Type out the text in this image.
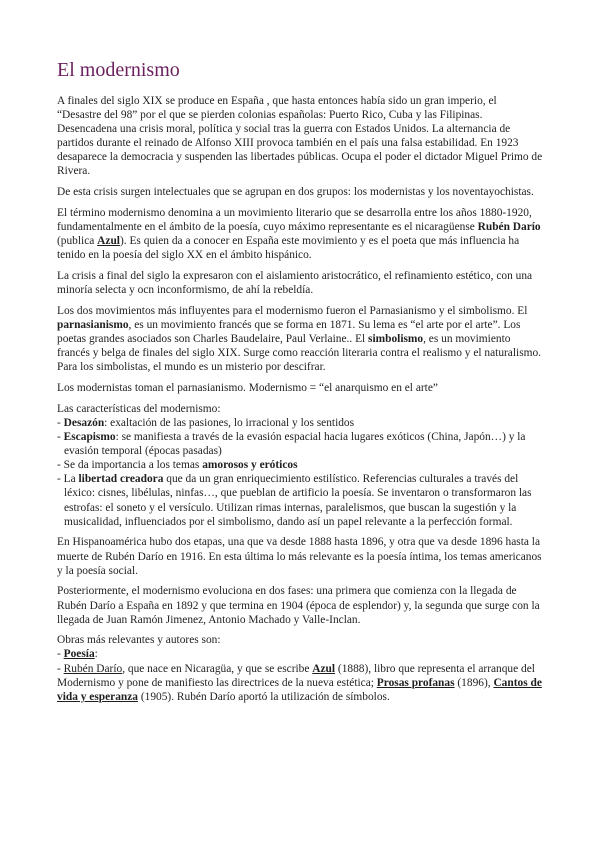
El modernismo

A finales del siglo XIX se produce en España , que hasta entonces había sido un gran imperio, el “Desastre del 98” por el que se pierden colonias españolas: Puerto Rico, Cuba y las Filipinas. Desencadena una crisis moral, política y social tras la guerra con Estados Unidos. La alternancia de partidos durante el reinado de Alfonso XIII provoca también en el país una falsa estabilidad. En 1923 desaparece la democracia y suspenden las libertades públicas. Ocupa el poder el dictador Miguel Primo de Rivera.

De esta crisis surgen intelectuales que se agrupan en dos grupos: los modernistas y los noventayochistas.

El término modernismo denomina a un movimiento literario que se desarrolla entre los años 1880-1920, fundamentalmente en el ámbito de la poesía, cuyo máximo representante es el nicaragüense Rubén Darío (publica Azul). Es quien da a conocer en España este movimiento y es el poeta que más influencia ha tenido en la poesía del siglo XX en el ámbito hispánico.

La crisis a final del siglo la expresaron con el aislamiento aristocrático, el refinamiento estético, con una minoría selecta y ocn inconformismo, de ahí la rebeldía.

Los dos movimientos más influyentes para el modernismo fueron el Parnasianismo y el simbolismo. El parnasianismo, es un movimiento francés que se forma en 1871. Su lema es “el arte por el arte”. Los poetas grandes asociados son Charles Baudelaire, Paul Verlaine.. El simbolismo, es un movimiento francés y belga de finales del siglo XIX. Surge como reacción literaria contra el realismo y el naturalismo. Para los simbolistas, el mundo es un misterio por descifrar.

Los modernistas toman el parnasianismo. Modernismo = “el anarquismo en el arte”

Las características del modernismo:
- Desazón: exaltación de las pasiones, lo irracional y los sentidos
- Escapismo: se manifiesta a través de la evasión espacial hacia lugares exóticos (China, Japón…) y la evasión temporal (épocas pasadas)
- Se da importancia a los temas amorosos y eróticos
- La libertad creadora que da un gran enriquecimiento estilístico. Referencias culturales a través del léxico: cisnes, libélulas, ninfas…, que pueblan de artificio la poesía. Se inventaron o transformaron las estrofas: el soneto y el versículo. Utilizan rimas internas, paralelismos, que buscan la sugestión y la musicalidad, influenciados por el simbolismo, dando así un papel relevante a la perfección formal.

En Hispanoamérica hubo dos etapas, una que va desde 1888 hasta 1896, y otra que va desde 1896 hasta la muerte de Rubén Darío en 1916. En esta última lo más relevante es la poesía íntima, los temas americanos y la poesía social.

Posteriormente, el modernismo evoluciona en dos fases: una primera que comienza con la llegada de Rubén Darío a España en 1892 y que termina en 1904 (época de esplendor) y, la segunda que surge con la llegada de Juan Ramón Jimenez, Antonio Machado y Valle-Inclan.

Obras más relevantes y autores son:
- Poesía:
- Rubén Darío, que nace en Nicaragüa, y que se escribe Azul (1888), libro que representa el arranque del Modernismo y pone de manifiesto las directrices de la nueva estética; Prosas profanas (1896), Cantos de vida y esperanza (1905). Rubén Darío aportó la utilización de símbolos.
